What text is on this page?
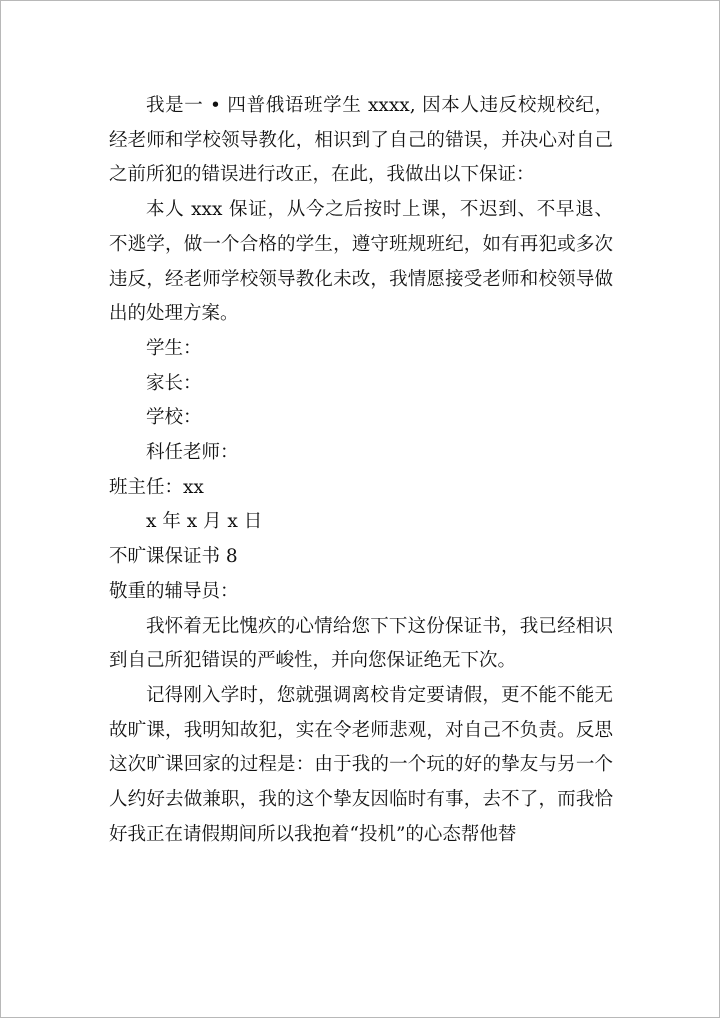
我是一 • 四普俄语班学生 xxxx, 因本人违反校规校纪，经老师和学校领导教化，相识到了自己的错误，并决心对自己之前所犯的错误进行改正，在此，我做出以下保证：

本人 xxx 保证，从今之后按时上课，不迟到、不早退、不逃学，做一个合格的学生，遵守班规班纪，如有再犯或多次违反，经老师学校领导教化未改，我情愿接受老师和校领导做出的处理方案。

学生：

家长：

学校：

科任老师：

班主任：xx

x 年 x 月 x 日

不旷课保证书 8

敬重的辅导员：

我怀着无比愧疚的心情给您下下这份保证书，我已经相识到自己所犯错误的严峻性，并向您保证绝无下次。

记得刚入学时，您就强调离校肯定要请假，更不能不能无故旷课，我明知故犯，实在令老师悲观，对自己不负责。反思这次旷课回家的过程是：由于我的一个玩的好的挚友与另一个人约好去做兼职，我的这个挚友因临时有事，去不了，而我恰好我正在请假期间所以我抱着“投机”的心态帮他替
